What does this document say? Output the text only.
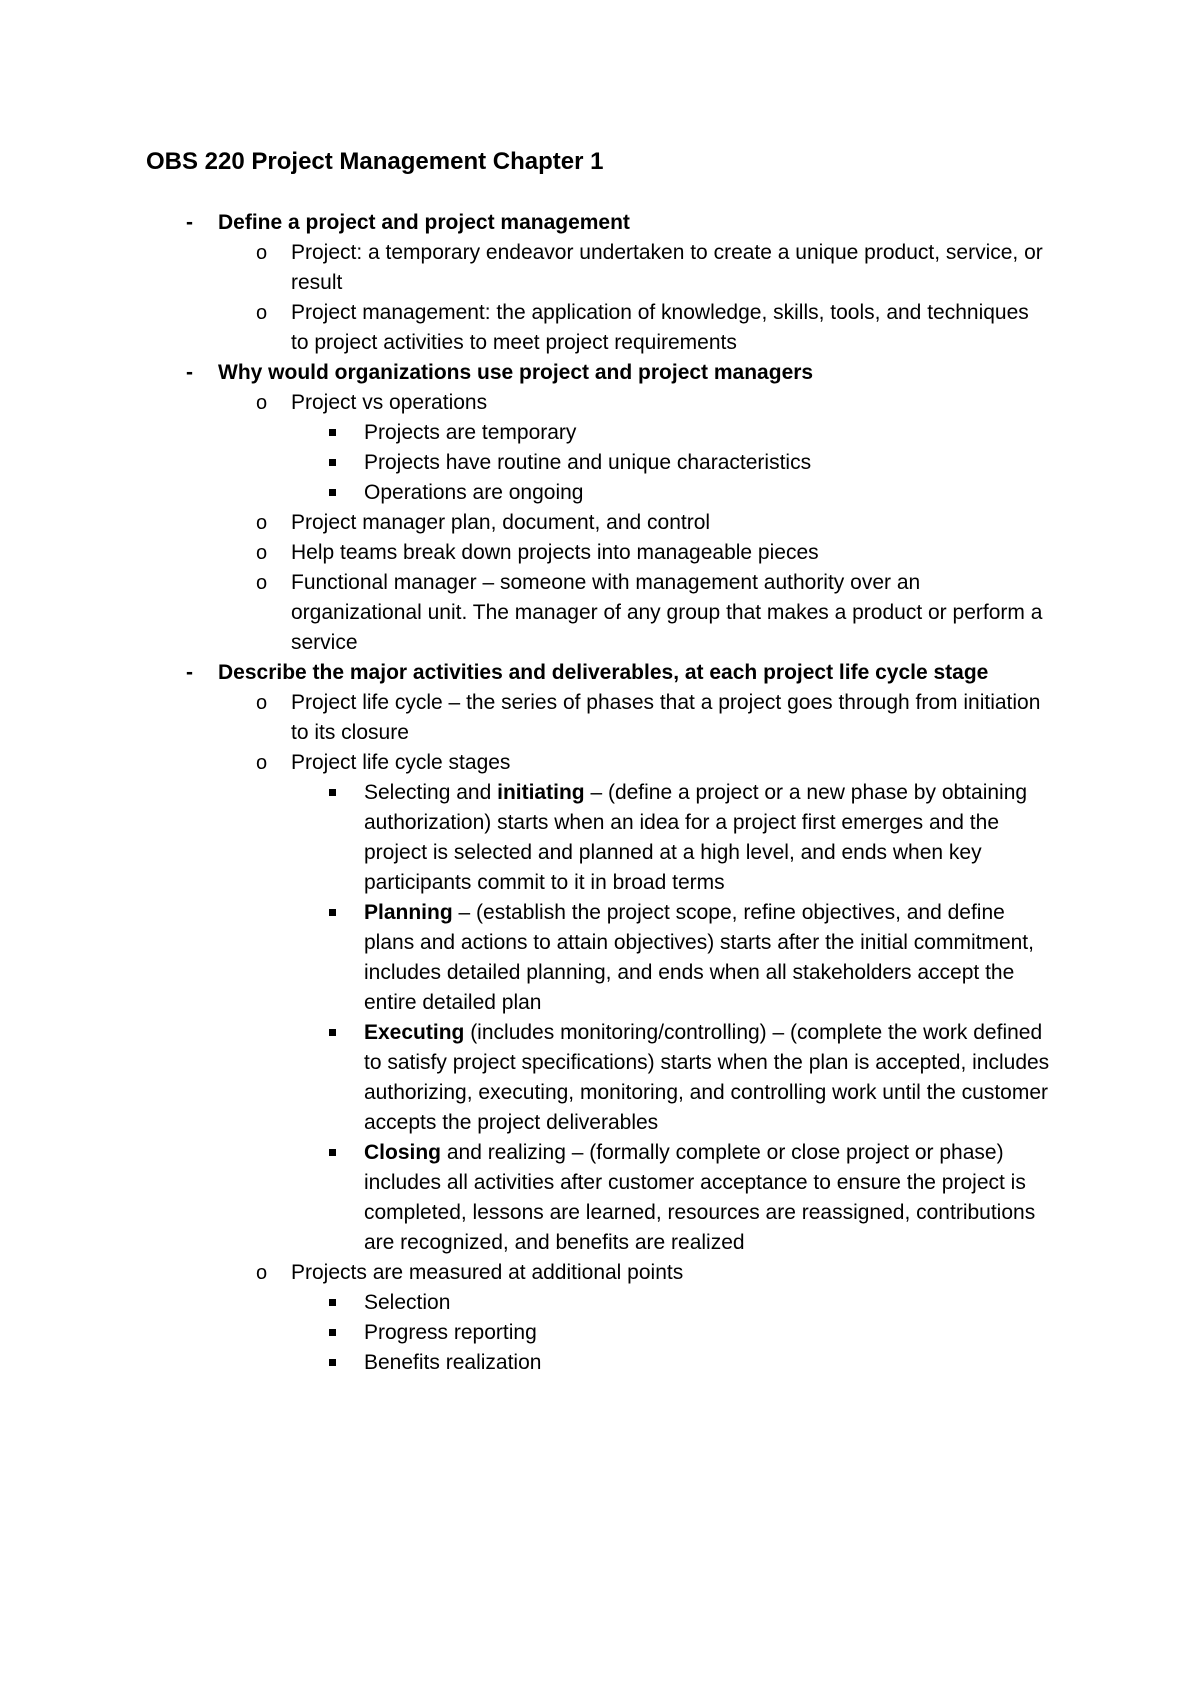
OBS 220 Project Management Chapter 1
- Define a project and project management
o Project: a temporary endeavor undertaken to create a unique product, service, or result
o Project management: the application of knowledge, skills, tools, and techniques to project activities to meet project requirements
- Why would organizations use project and project managers
o Project vs operations
Projects are temporary
Projects have routine and unique characteristics
Operations are ongoing
o Project manager plan, document, and control
o Help teams break down projects into manageable pieces
o Functional manager – someone with management authority over an organizational unit. The manager of any group that makes a product or perform a service
- Describe the major activities and deliverables, at each project life cycle stage
o Project life cycle – the series of phases that a project goes through from initiation to its closure
o Project life cycle stages
Selecting and initiating – (define a project or a new phase by obtaining authorization) starts when an idea for a project first emerges and the project is selected and planned at a high level, and ends when key participants commit to it in broad terms
Planning – (establish the project scope, refine objectives, and define plans and actions to attain objectives) starts after the initial commitment, includes detailed planning, and ends when all stakeholders accept the entire detailed plan
Executing (includes monitoring/controlling) – (complete the work defined to satisfy project specifications) starts when the plan is accepted, includes authorizing, executing, monitoring, and controlling work until the customer accepts the project deliverables
Closing and realizing – (formally complete or close project or phase) includes all activities after customer acceptance to ensure the project is completed, lessons are learned, resources are reassigned, contributions are recognized, and benefits are realized
o Projects are measured at additional points
Selection
Progress reporting
Benefits realization
